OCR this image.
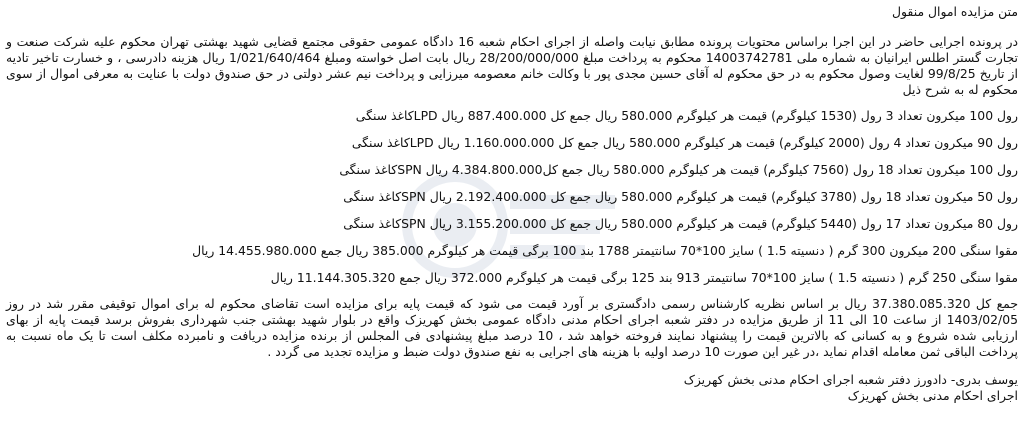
متن مزایده اموال منقول

در پرونده اجرایی حاضر در این اجرا براساس محتویات پرونده مطابق نیابت واصله از اجرای احکام شعبه 16 دادگاه عمومی حقوقی مجتمع قضایی شهید بهشتی تهران محکوم علیه شرکت صنعت و تجارت گستر اطلس ایرانیان به شماره ملی 14003742781 محکوم به پرداخت مبلغ 28/200/000/000 ریال بابت اصل خواسته ومبلغ 1/021/640/464 ریال هزینه دادرسی ، و خسارت تاخیر تادیه از تاریخ 99/8/25 لغایت وصول محکوم به در حق محکوم له آقای حسین مجدی پور با وکالت خانم معصومه میرزایی و پرداخت نیم عشر دولتی در حق صندوق دولت با عنایت به معرفی اموال از سوی محکوم له به شرح ذیل

رول 100 میکرون تعداد 3 رول (1530 کیلوگرم) قیمت هر کیلوگرم 580.000 ریال جمع کل 887.400.000 ریال LPDکاغذ سنگی
رول 90 میکرون تعداد 4 رول (2000 کیلوگرم) قیمت هر کیلوگرم 580.000 ریال جمع کل 1.160.000.000 ریال LPDکاغذ سنگی
رول 100 میکرون تعداد 18 رول (7560 کیلوگرم) قیمت هر کیلوگرم 580.000 ریال جمع کل4.384.800.000 ریال SPNکاغذ سنگی
رول 50 میکرون تعداد 18 رول (3780 کیلوگرم) قیمت هر کیلوگرم 580.000 ریال جمع کل 2.192.400.000 ریال SPNکاغذ سنگی
رول 80 میکرون تعداد 17 رول (5440 کیلوگرم) قیمت هر کیلوگرم 580.000 ریال جمع کل 3.155.200.000 ریال SPNکاغذ سنگی
مقوا سنگی 200 میکرون 300 گرم ( دنسیته 1.5 ) سایز 100*70 سانتیمتر 1788 بند 100 برگی قیمت هر کیلوگرم 385.000 ریال جمع 14.455.980.000 ریال
مقوا سنگی 250 گرم ( دنسیته 1.5 ) سایز 100*70 سانتیمتر 913 بند 125 برگی قیمت هر کیلوگرم 372.000 ریال جمع 11.144.305.320 ریال

جمع کل 37.380.085.320 ریال بر اساس نظریه کارشناس رسمی دادگستری بر آورد قیمت می شود که قیمت پایه برای مزایده است تقاضای محکوم له برای اموال توقیفی مقرر شد در روز 1403/02/05 از ساعت 10 الی 11 از طریق مزایده در دفتر شعبه اجرای احکام مدنی دادگاه عمومی بخش کهریزک واقع در بلوار شهید بهشتی جنب شهرداری بفروش برسد قیمت پایه از بهای ارزیابی شده شروع و به کسانی که بالاترین قیمت را پیشنهاد نمایند فروخته خواهد شد ، 10 درصد مبلغ پیشنهادی فی المجلس از برنده مزایده دریافت و نامبرده مکلف است تا یک ماه نسبت به پرداخت الباقی ثمن معامله اقدام نماید ،در غیر این صورت 10 درصد اولیه با هزینه های اجرایی به نفع صندوق دولت ضبط و مزایده تجدید می گردد .

یوسف بدری- دادورز دفتر شعبه اجرای احکام مدنی بخش کهریزک
اجرای احکام مدنی بخش کهریزک
